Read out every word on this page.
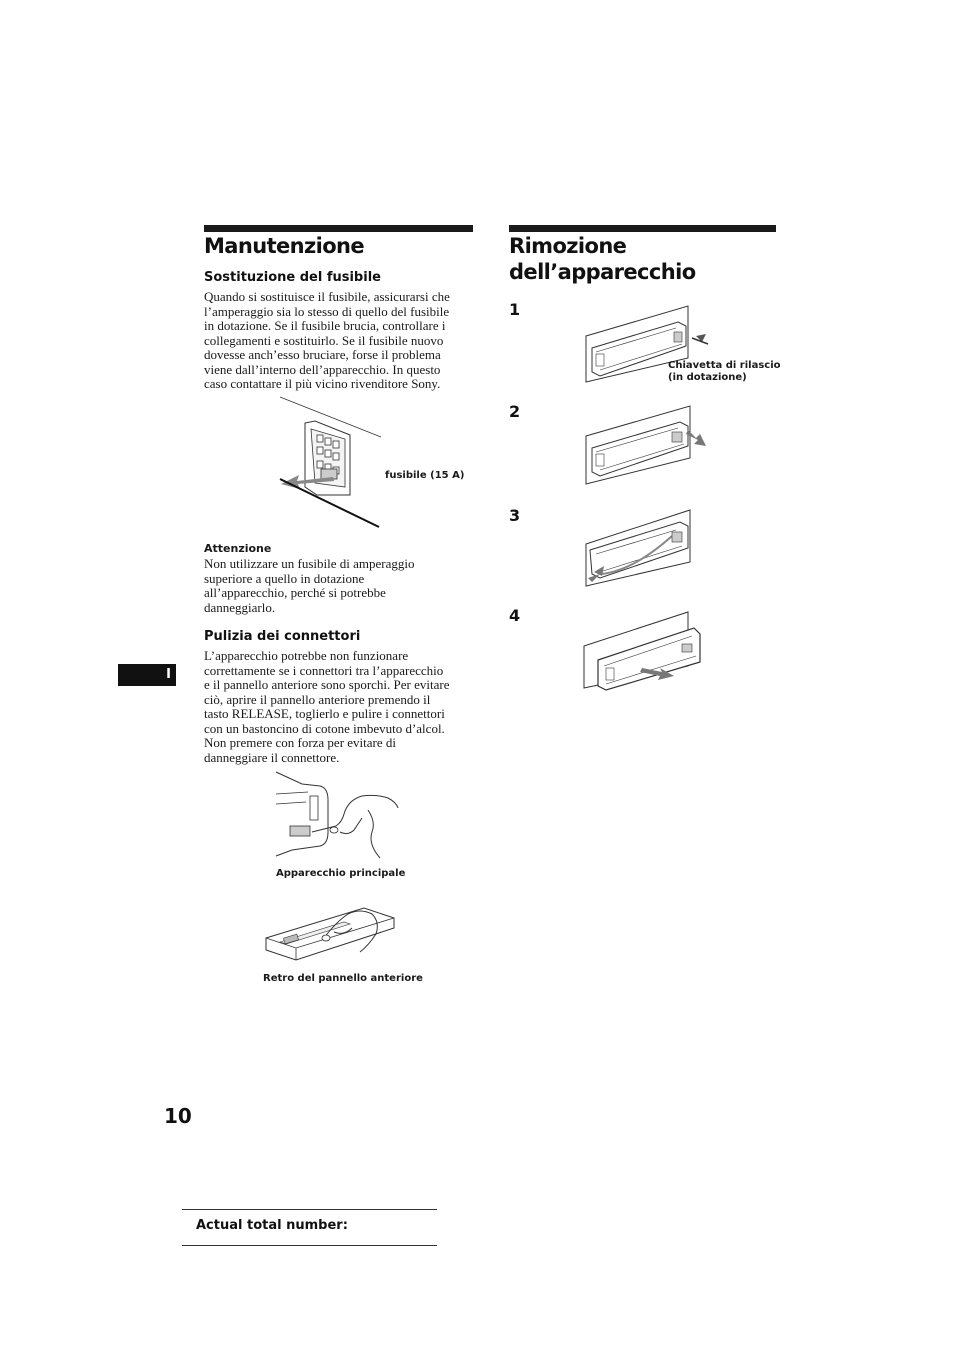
Manutenzione
Sostituzione del fusibile
Quando si sostituisce il fusibile, assicurarsi che
l’amperaggio sia lo stesso di quello del fusibile
in dotazione. Se il fusibile brucia, controllare i
collegamenti e sostituirlo. Se il fusibile nuovo
dovesse anch’esso bruciare, forse il problema
viene dall’interno dell’apparecchio. In questo
caso contattare il più vicino rivenditore Sony.
fusibile (15 A)
Attenzione
Non utilizzare un fusibile di amperaggio
superiore a quello in dotazione
all’apparecchio, perché si potrebbe
danneggiarlo.
Pulizia dei connettori
L’apparecchio potrebbe non funzionare
correttamente se i connettori tra l’apparecchio
e il pannello anteriore sono sporchi. Per evitare
ciò, aprire il pannello anteriore premendo il
tasto RELEASE, toglierlo e pulire i connettori
con un bastoncino di cotone imbevuto d’alcol.
Non premere con forza per evitare di
danneggiare il connettore.
Apparecchio principale
Retro del pannello anteriore
Rimozione
dell’apparecchio
1
Chiavetta di rilascio
(in dotazione)
2
3
4
I
10
Actual total number:
